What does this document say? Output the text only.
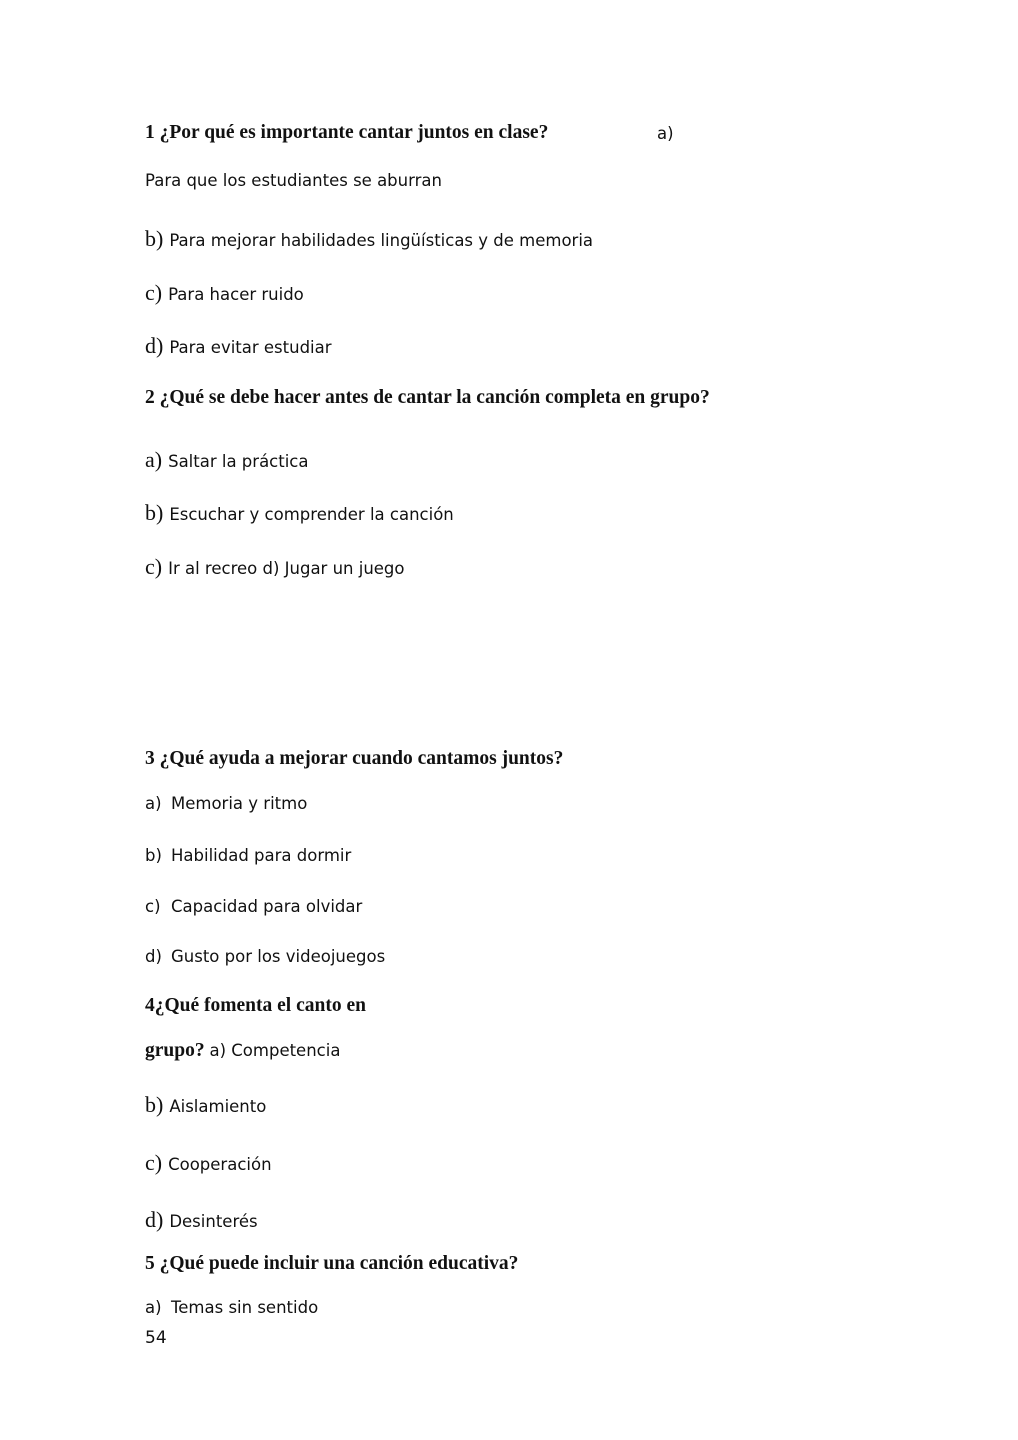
1 ¿Por qué es importante cantar juntos en clase?	a)
Para que los estudiantes se aburran
b) Para mejorar habilidades lingüísticas y de memoria
c) Para hacer ruido
d) Para evitar estudiar
2 ¿Qué se debe hacer antes de cantar la canción completa en grupo?
a) Saltar la práctica
b) Escuchar y comprender la canción
c) Ir al recreo d) Jugar un juego
3 ¿Qué ayuda a mejorar cuando cantamos juntos?
a) Memoria y ritmo
b) Habilidad para dormir
c) Capacidad para olvidar
d) Gusto por los videojuegos
4¿Qué fomenta el canto en
grupo? a) Competencia
b) Aislamiento
c) Cooperación
d) Desinterés
5 ¿Qué puede incluir una canción educativa?
a) Temas sin sentido
54
